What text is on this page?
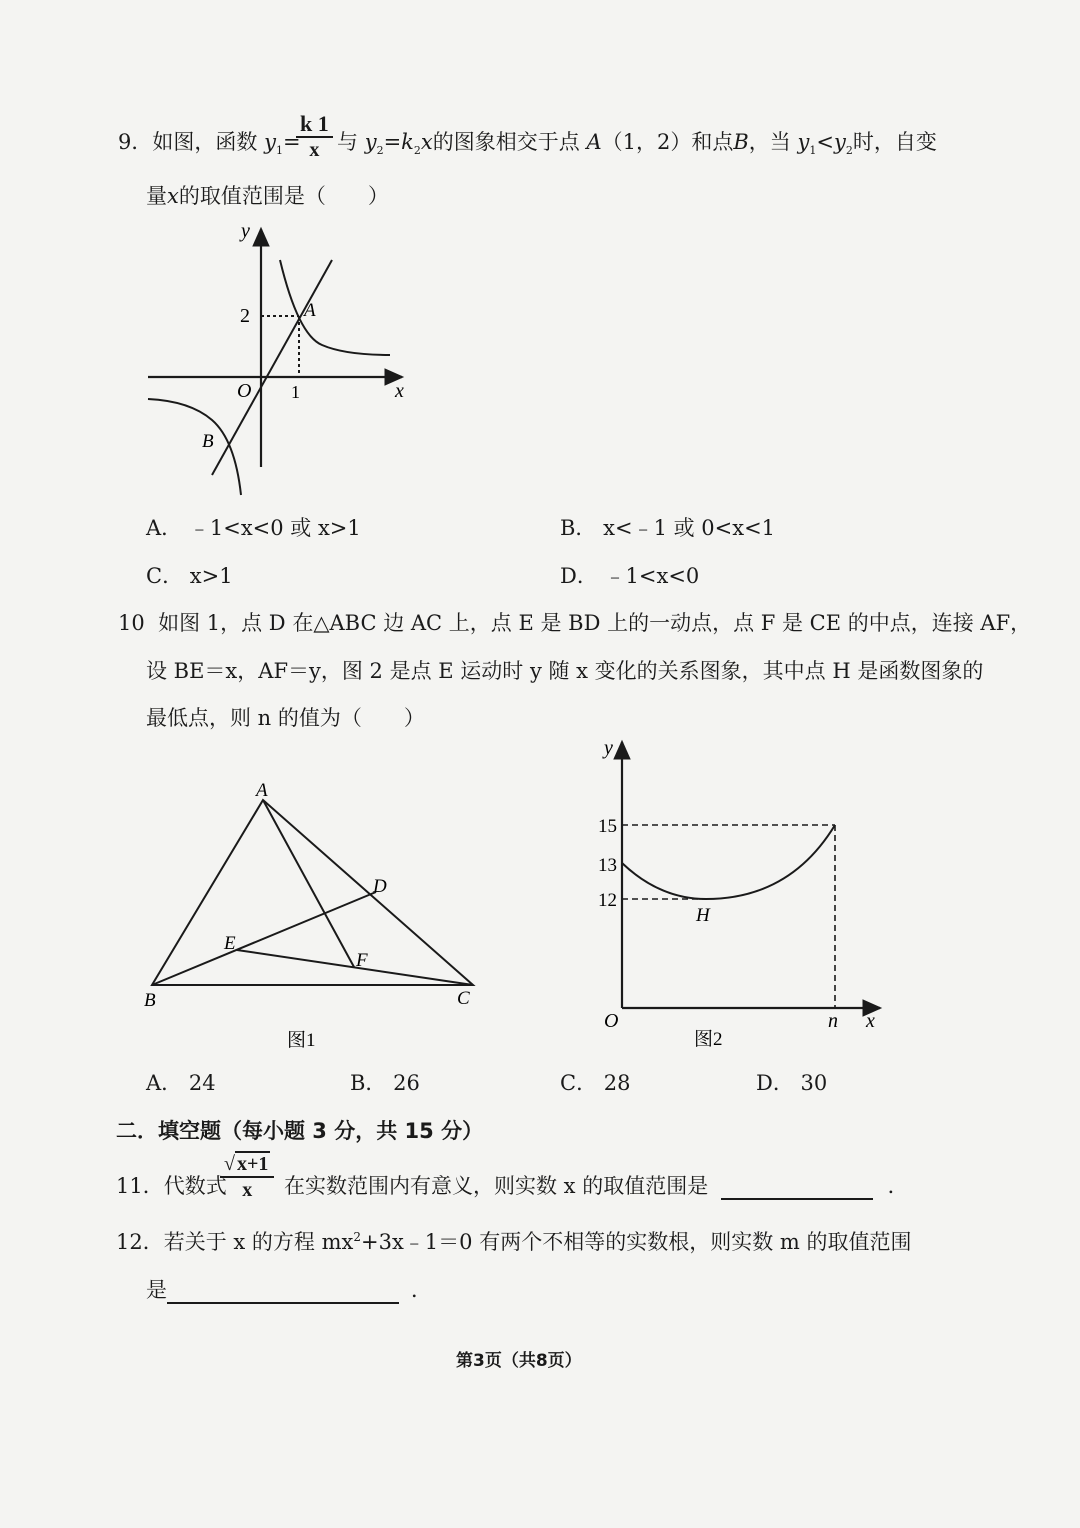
9．如图，函数 $y_1=$
$\frac{k 1}{x}$ 与 $y_2=k_2x$的图象相交于点 A（1，2）和点B，当 $y_1<y_2$时，自变
量x的取值范围是（　　）
y
x
O
2
1
A
B
A． ﹣1<x<0 或 x>1	B． x<﹣1 或 0<x<1
C． x>1	D． ﹣1<x<0
10 如图 1，点 D 在△ABC 边 AC 上，点 E 是 BD 上的一动点，点 F 是 CE 的中点，连接 AF，
设 BE＝x，AF＝y，图 2 是点 E 运动时 y 随 x 变化的关系图象，其中点 H 是函数图象的
最低点，则 n 的值为（　　）
A
B	C
D
E
F
图1
y
x
O	n
15
13
12
H
图2
A． 24	B． 26	C． 28	D． 30
二．填空题（每小题 3 分，共 15 分）
11．代数式
$\frac{√ x+1}{x}$ 在实数范围内有意义，则实数 x 的取值范围是	．
12．若关于 x 的方程 $mx^2+3x﹣1=0$ 有两个不相等的实数根，则实数 m 的取值范围
是	．
第3页（共8页）
